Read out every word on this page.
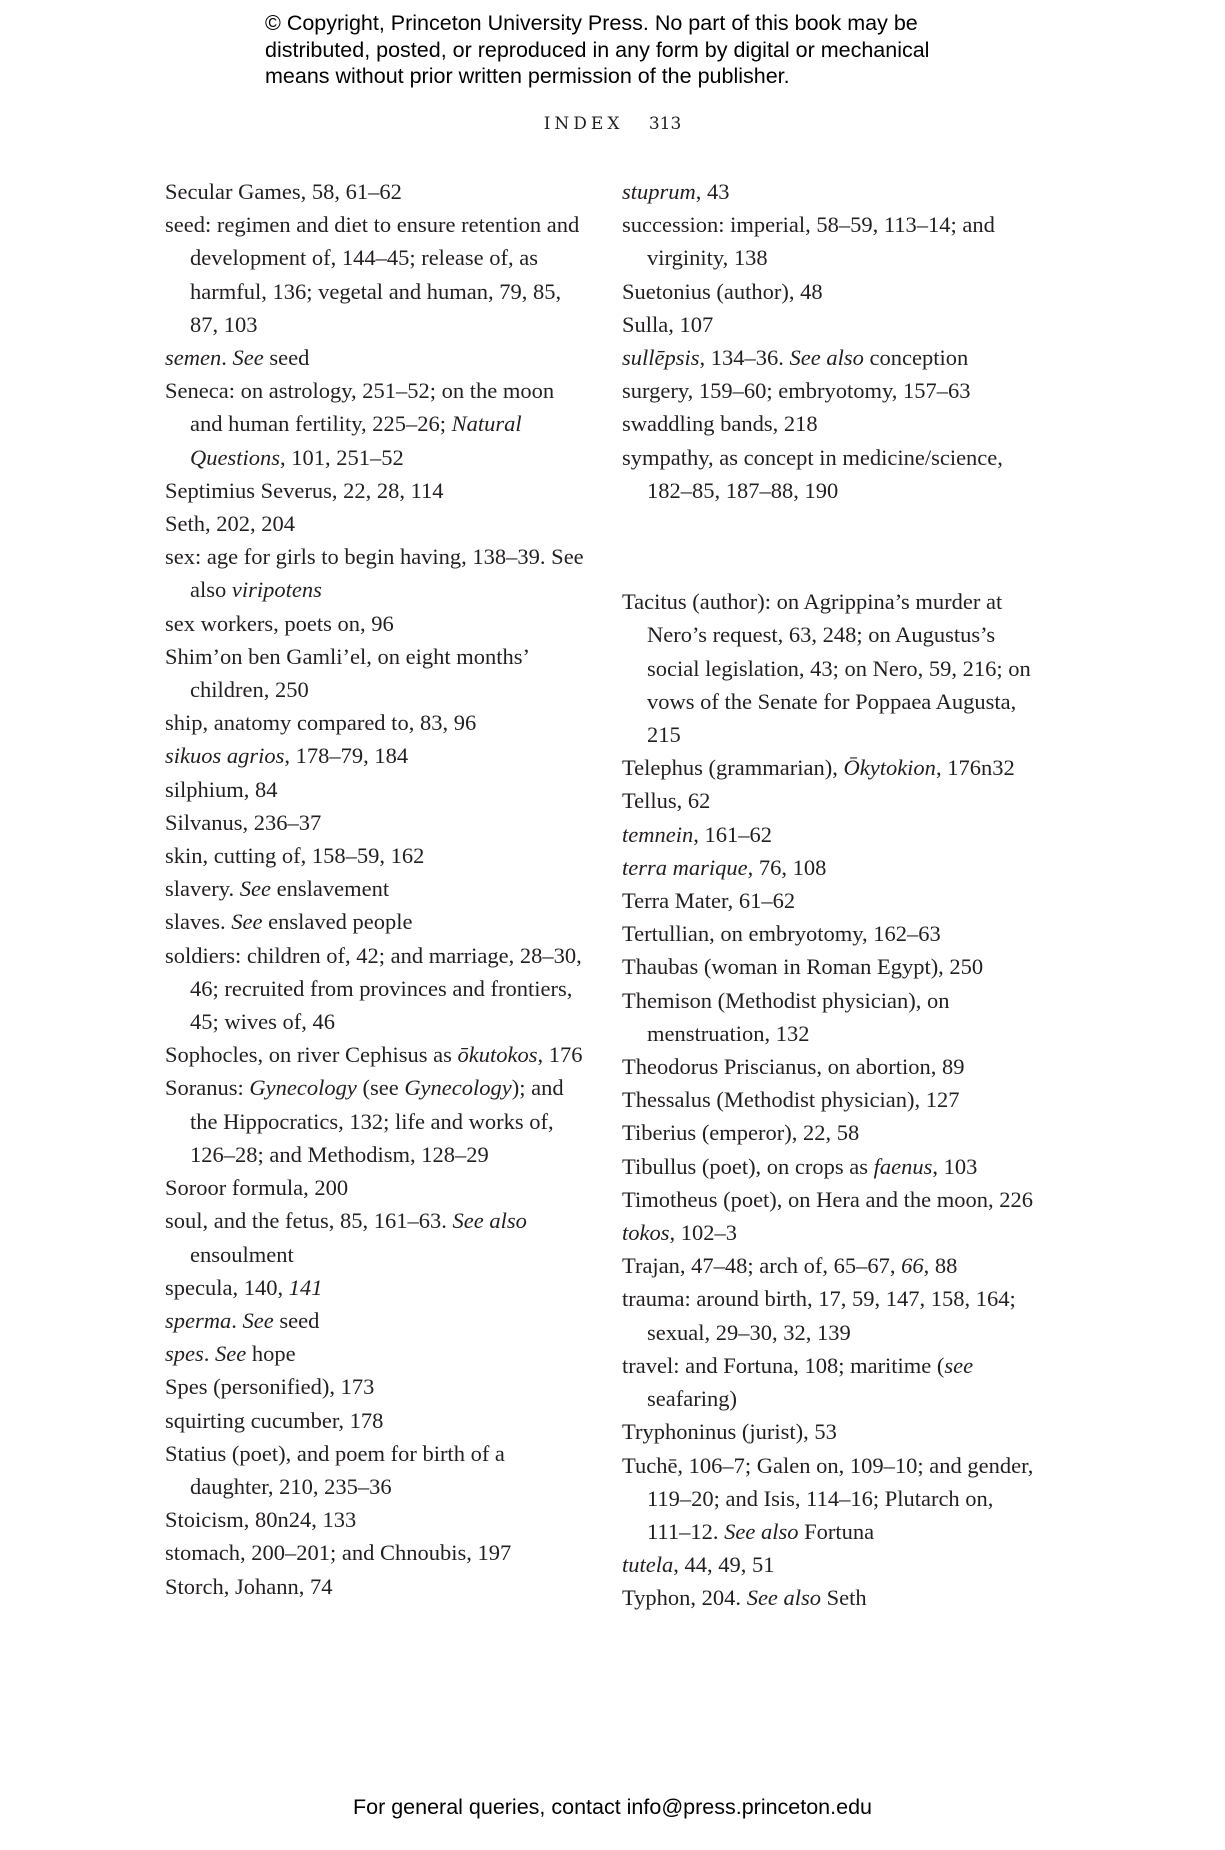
© Copyright, Princeton University Press. No part of this book may be
distributed, posted, or reproduced in any form by digital or mechanical
means without prior written permission of the publisher.
INDEX 313

Secular Games, 58, 61–62

seed: regimen and diet to ensure retention and development of, 144–45; release of, as harmful, 136; vegetal and human, 79, 85, 87, 103

semen. See seed

Seneca: on astrology, 251–52; on the moon and human fertility, 225–26; Natural Questions, 101, 251–52

Septimius Severus, 22, 28, 114

Seth, 202, 204

sex: age for girls to begin having, 138–39. See also viripotens

sex workers, poets on, 96

Shim’on ben Gamli’el, on eight months’ children, 250

ship, anatomy compared to, 83, 96

sikuos agrios, 178–79, 184

silphium, 84

Silvanus, 236–37

skin, cutting of, 158–59, 162

slavery. See enslavement

slaves. See enslaved people

soldiers: children of, 42; and marriage, 28–30, 46; recruited from provinces and frontiers, 45; wives of, 46

Sophocles, on river Cephisus as ōkutokos, 176

Soranus: Gynecology (see Gynecology); and the Hippocratics, 132; life and works of, 126–28; and Methodism, 128–29

Soroor formula, 200

soul, and the fetus, 85, 161–63. See also ensoulment

specula, 140, 141

sperma. See seed

spes. See hope

Spes (personified), 173

squirting cucumber, 178

Statius (poet), and poem for birth of a daughter, 210, 235–36

Stoicism, 80n24, 133

stomach, 200–201; and Chnoubis, 197

Storch, Johann, 74

stuprum, 43

succession: imperial, 58–59, 113–14; and virginity, 138

Suetonius (author), 48

Sulla, 107

sullēpsis, 134–36. See also conception

surgery, 159–60; embryotomy, 157–63

swaddling bands, 218

sympathy, as concept in medicine/science, 182–85, 187–88, 190

Tacitus (author): on Agrippina’s murder at Nero’s request, 63, 248; on Augustus’s social legislation, 43; on Nero, 59, 216; on vows of the Senate for Poppaea Augusta, 215

Telephus (grammarian), Ōkytokion, 176n32

Tellus, 62

temnein, 161–62

terra marique, 76, 108

Terra Mater, 61–62

Tertullian, on embryotomy, 162–63

Thaubas (woman in Roman Egypt), 250

Themison (Methodist physician), on menstruation, 132

Theodorus Priscianus, on abortion, 89

Thessalus (Methodist physician), 127

Tiberius (emperor), 22, 58

Tibullus (poet), on crops as faenus, 103

Timotheus (poet), on Hera and the moon, 226

tokos, 102–3

Trajan, 47–48; arch of, 65–67, 66, 88

trauma: around birth, 17, 59, 147, 158, 164; sexual, 29–30, 32, 139

travel: and Fortuna, 108; maritime (see seafaring)

Tryphoninus (jurist), 53

Tuchē, 106–7; Galen on, 109–10; and gender, 119–20; and Isis, 114–16; Plutarch on, 111–12. See also Fortuna

tutela, 44, 49, 51

Typhon, 204. See also Seth

For general queries, contact info@press.princeton.edu
